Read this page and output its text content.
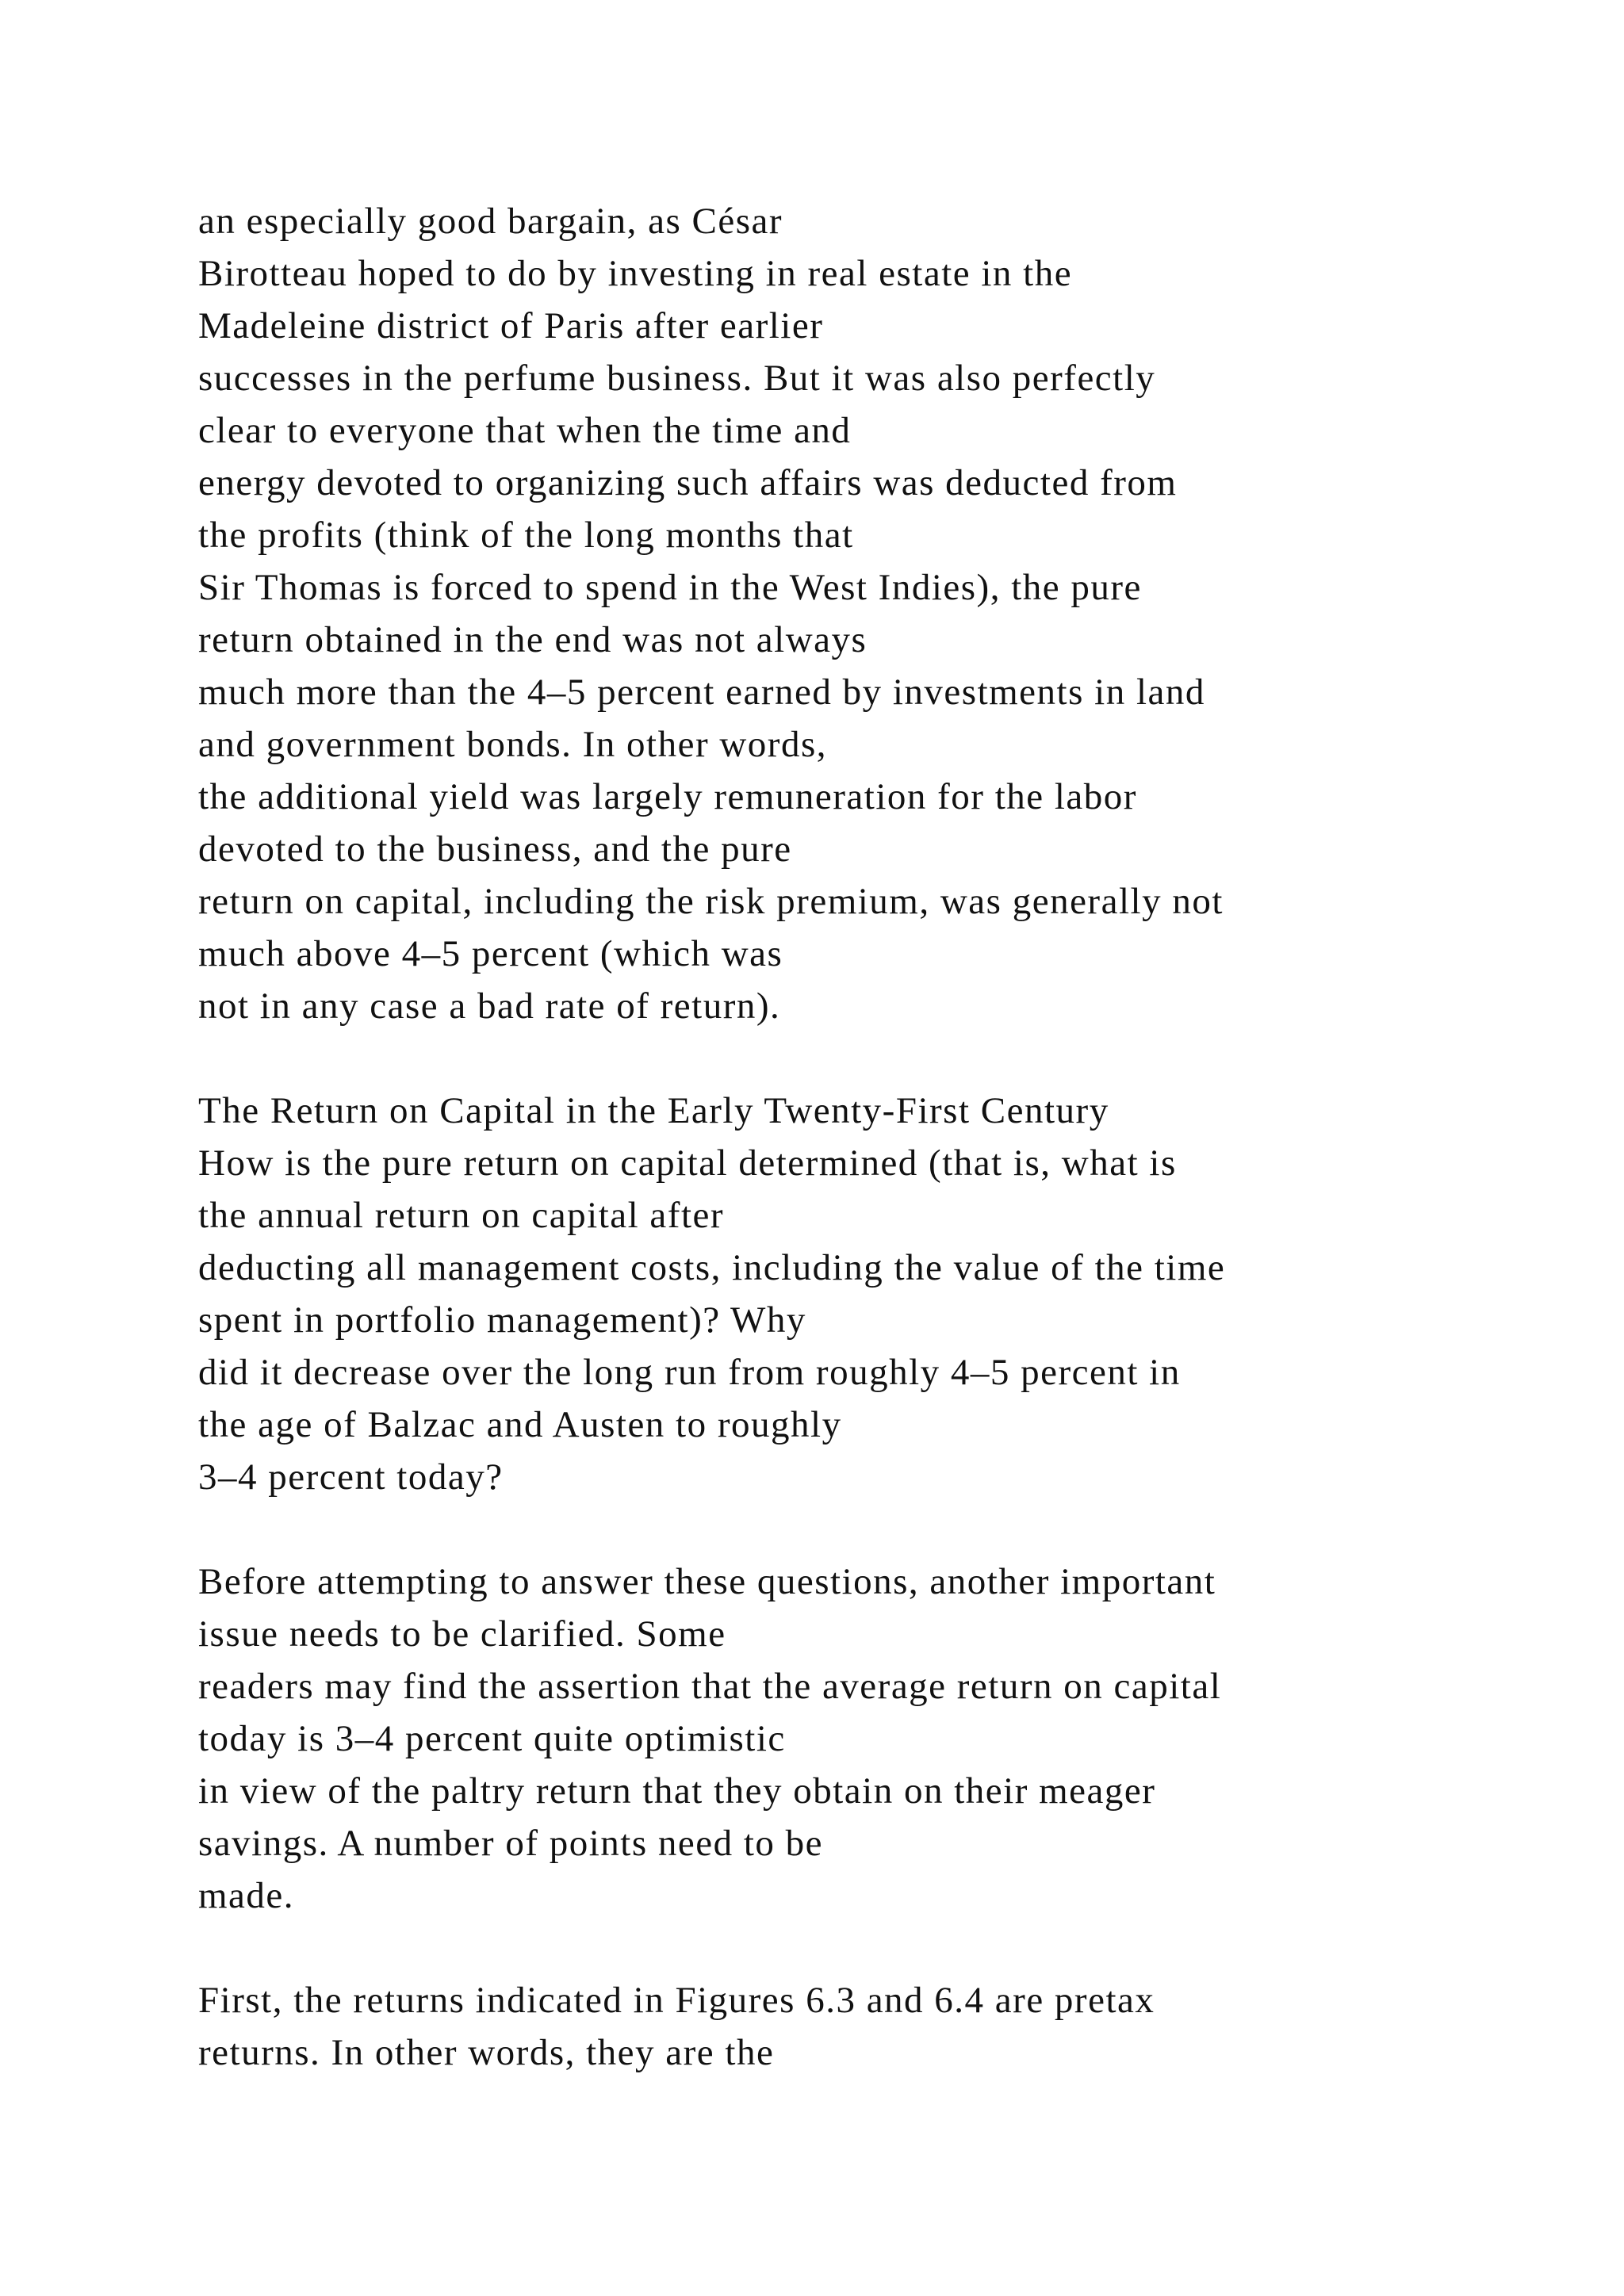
an especially good bargain, as César
Birotteau hoped to do by investing in real estate in the
Madeleine district of Paris after earlier
successes in the perfume business. But it was also perfectly
clear to everyone that when the time and
energy devoted to organizing such affairs was deducted from
the profits (think of the long months that
Sir Thomas is forced to spend in the West Indies), the pure
return obtained in the end was not always
much more than the 4–5 percent earned by investments in land
and government bonds. In other words,
the additional yield was largely remuneration for the labor
devoted to the business, and the pure
return on capital, including the risk premium, was generally not
much above 4–5 percent (which was
not in any case a bad rate of return).
The Return on Capital in the Early Twenty-First Century
How is the pure return on capital determined (that is, what is
the annual return on capital after
deducting all management costs, including the value of the time
spent in portfolio management)? Why
did it decrease over the long run from roughly 4–5 percent in
the age of Balzac and Austen to roughly
3–4 percent today?
Before attempting to answer these questions, another important
issue needs to be clarified. Some
readers may find the assertion that the average return on capital
today is 3–4 percent quite optimistic
in view of the paltry return that they obtain on their meager
savings. A number of points need to be
made.
First, the returns indicated in Figures 6.3 and 6.4 are pretax
returns. In other words, they are the
